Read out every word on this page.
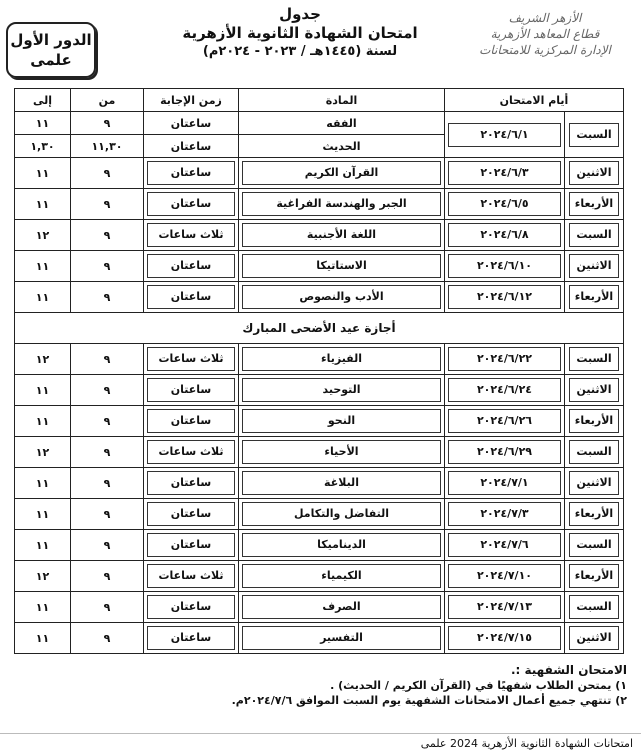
الدور الأول
علمى
جدول
امتحان الشهادة الثانوية الأزهرية
لسنة (١٤٤٥هـ / ٢٠٢٣ - ٢٠٢٤م)
الأزهر الشريف
قطاع المعاهد الأزهرية
الإدارة المركزية للامتحانات
أيام الامتحان		المادة	زمن الإجابة	من	إلى

السبت	٢٠٢٤/٦/١	الفقه	ساعتان	٩	١١
		الحديث	ساعتان	١١,٣٠	١,٣٠

الاثنين	٢٠٢٤/٦/٣	القرآن الكريم	ساعتان	٩	١١

الأربعاء	٢٠٢٤/٦/٥	الجبر والهندسة الفراغية	ساعتان	٩	١١

السبت	٢٠٢٤/٦/٨	اللغة الأجنبية	ثلاث ساعات	٩	١٢

الاثنين	٢٠٢٤/٦/١٠	الاستاتيكا	ساعتان	٩	١١

الأربعاء	٢٠٢٤/٦/١٢	الأدب والنصوص	ساعتان	٩	١١
أجازة عيد الأضحى المبارك					

السبت	٢٠٢٤/٦/٢٢	الفيزياء	ثلاث ساعات	٩	١٢

الاثنين	٢٠٢٤/٦/٢٤	التوحيد	ساعتان	٩	١١

الأربعاء	٢٠٢٤/٦/٢٦	النحو	ساعتان	٩	١١

السبت	٢٠٢٤/٦/٢٩	الأحياء	ثلاث ساعات	٩	١٢

الاثنين	٢٠٢٤/٧/١	البلاغة	ساعتان	٩	١١

الأربعاء	٢٠٢٤/٧/٣	التفاضل والتكامل	ساعتان	٩	١١

السبت	٢٠٢٤/٧/٦	الديناميكا	ساعتان	٩	١١

الأربعاء	٢٠٢٤/٧/١٠	الكيمياء	ثلاث ساعات	٩	١٢

السبت	٢٠٢٤/٧/١٣	الصرف	ساعتان	٩	١١

الاثنين	٢٠٢٤/٧/١٥	التفسير	ساعتان	٩	١١
الامتحان الشفهية :.
١) يمتحن الطلاب شفهيًا في (القرآن الكريم / الحديث) .
٢) تنتهي جميع أعمال الامتحانات الشفهية يوم السبت الموافق ٢٠٢٤/٧/٦م.
امتحانات الشهادة الثانوية الأزهرية 2024 علمى
